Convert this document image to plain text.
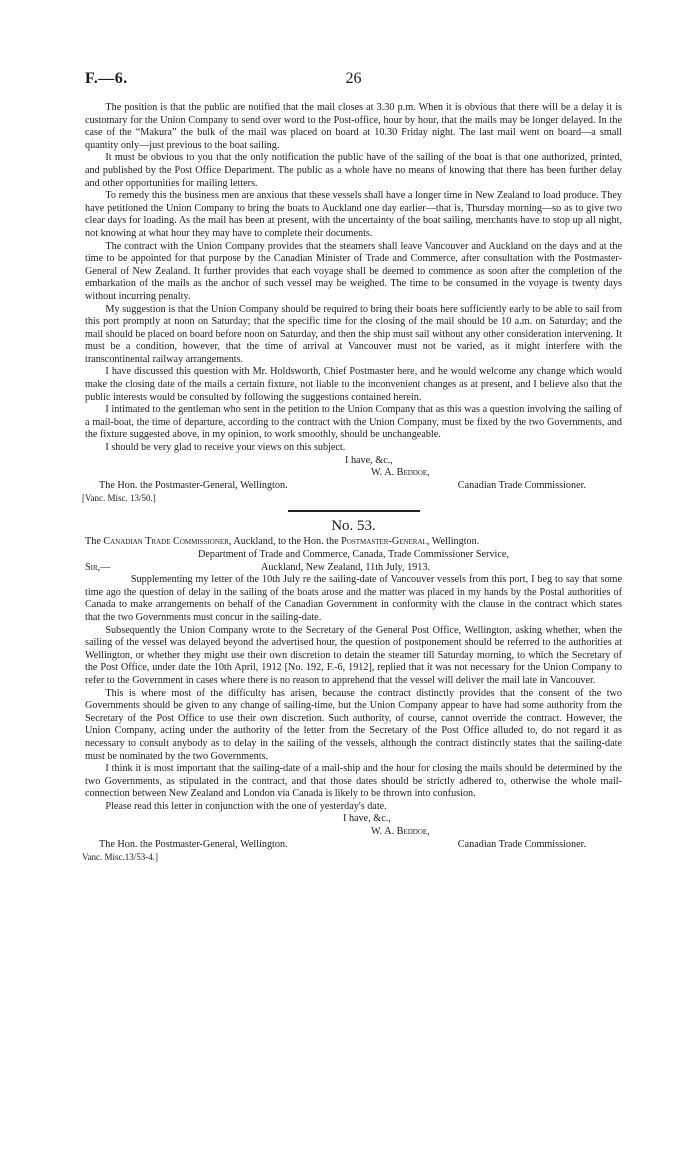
F.—6.	26

The position is that the public are notified that the mail closes at 3.30 p.m. When it is obvious that there will be a delay it is customary for the Union Company to send over word to the Post-office, hour by hour, that the mails may be longer delayed. In the case of the “Makura” the bulk of the mail was placed on board at 10.30 Friday night. The last mail went on board—a small quantity only—just previous to the boat sailing.

It must be obvious to you that the only notification the public have of the sailing of the boat is that one authorized, printed, and published by the Post Office Department. The public as a whole have no means of knowing that there has been further delay and other opportunities for mailing letters.

To remedy this the business men are anxious that these vessels shall have a longer time in New Zealand to load produce. They have petitioned the Union Company to bring the boats to Auckland one day earlier—that is, Thursday morning—so as to give two clear days for loading. As the mail has been at present, with the uncertainty of the boat sailing, merchants have to stop up all night, not knowing at what hour they may have to complete their documents.

The contract with the Union Company provides that the steamers shall leave Vancouver and Auckland on the days and at the time to be appointed for that purpose by the Canadian Minister of Trade and Commerce, after consultation with the Postmaster-General of New Zealand. It further provides that each voyage shall be deemed to commence as soon after the completion of the embarkation of the mails as the anchor of such vessel may be weighed. The time to be consumed in the voyage is twenty days without incurring penalty.

My suggestion is that the Union Company should be required to bring their boats here sufficiently early to be able to sail from this port promptly at noon on Saturday; that the specific time for the closing of the mail should be 10 a.m. on Saturday; and the mail should be placed on board before noon on Saturday, and then the ship must sail without any other consideration intervening. It must be a condition, however, that the time of arrival at Vancouver must not be varied, as it might interfere with the transcontinental railway arrangements.

I have discussed this question with Mr. Holdsworth, Chief Postmaster here, and he would welcome any change which would make the closing date of the mails a certain fixture, not liable to the inconvenient changes as at present, and I believe also that the public interests would be consulted by following the suggestions contained herein.

I intimated to the gentleman who sent in the petition to the Union Company that as this was a question involving the sailing of a mail-boat, the time of departure, according to the contract with the Union Company, must be fixed by the two Governments, and the fixture suggested above, in my opinion, to work smoothly, should be unchangeable.

I should be very glad to receive your views on this subject.

I have, &c.,
W. A. Beddoe,
The Hon. the Postmaster-General, Wellington.	Canadian Trade Commissioner.
[Vanc. Misc. 13/50.]
No. 53.
The Canadian Trade Commissioner, Auckland, to the Hon. the Postmaster-General, Wellington.
Department of Trade and Commerce, Canada, Trade Commissioner Service,
Sir,—	Auckland, New Zealand, 11th July, 1913.

Supplementing my letter of the 10th July re the sailing-date of Vancouver vessels from this port, I beg to say that some time ago the question of delay in the sailing of the boats arose and the matter was placed in my hands by the Postal authorities of Canada to make arrangements on behalf of the Canadian Government in conformity with the clause in the contract which states that the two Governments must concur in the sailing-date.

Subsequently the Union Company wrote to the Secretary of the General Post Office, Wellington, asking whether, when the sailing of the vessel was delayed beyond the advertised hour, the question of postponement should be referred to the authorities at Wellington, or whether they might use their own discretion to detain the steamer till Saturday morning, to which the Secretary of the Post Office, under date the 10th April, 1912 [No. 192, F.-6, 1912], replied that it was not necessary for the Union Company to refer to the Government in cases where there is no reason to apprehend that the vessel will deliver the mail late in Vancouver.

This is where most of the difficulty has arisen, because the contract distinctly provides that the consent of the two Governments should be given to any change of sailing-time, but the Union Company appear to have had some authority from the Secretary of the Post Office to use their own discretion. Such authority, of course, cannot override the contract. However, the Union Company, acting under the authority of the letter from the Secretary of the Post Office alluded to, do not regard it as necessary to consult anybody as to delay in the sailing of the vessels, although the contract distinctly states that the sailing-date must be nominated by the two Governments.

I think it is most important that the sailing-date of a mail-ship and the hour for closing the mails should be determined by the two Governments, as stipulated in the contract, and that those dates should be strictly adhered to, otherwise the whole mail-connection between New Zealand and London via Canada is likely to be thrown into confusion.

Please read this letter in conjunction with the one of yesterday's date.

I have, &c.,
W. A. Beddoe,
The Hon. the Postmaster-General, Wellington.	Canadian Trade Commissioner.
Vanc. Misc.13/53-4.]
